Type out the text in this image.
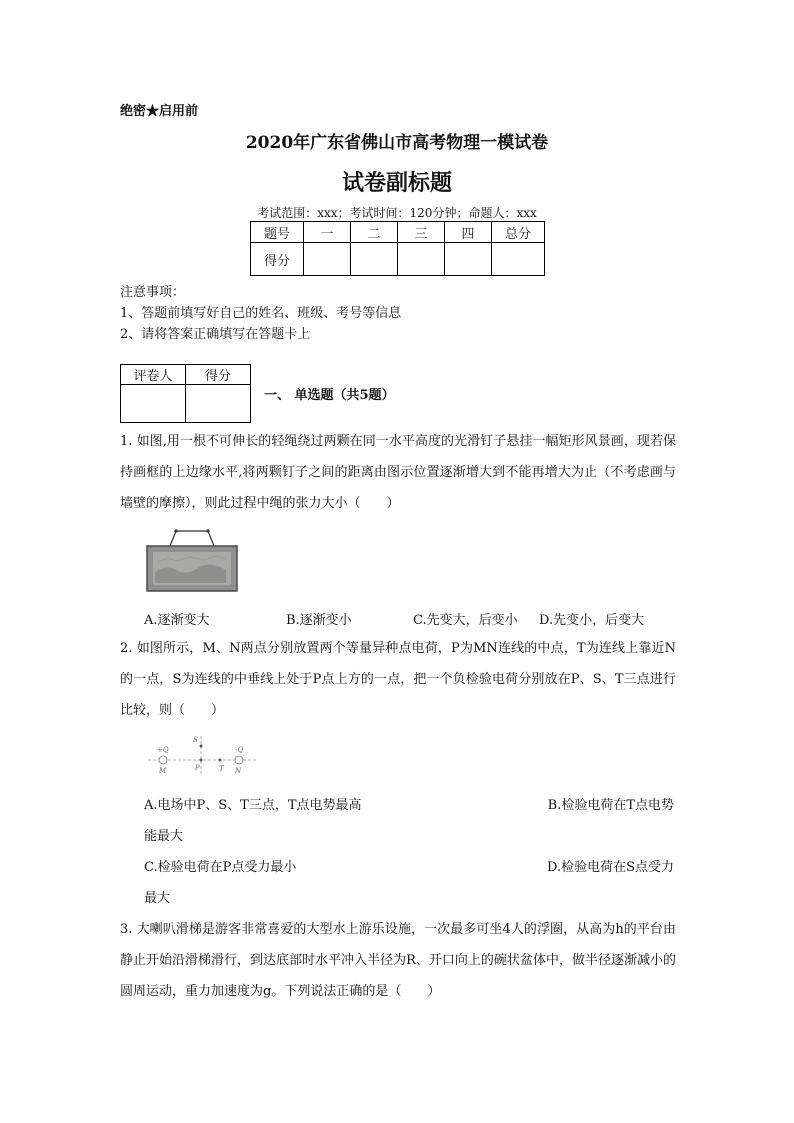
绝密★启用前
2020年广东省佛山市高考物理一模试卷
试卷副标题
考试范围：xxx；考试时间：120分钟；命题人：xxx
题号	一	二	三	四	总分
得分					
注意事项：
1、答题前填写好自己的姓名、班级、考号等信息
2、请将答案正确填写在答题卡上
评卷人	得分

一、 单选题（共5题）
1. 如图,用一根不可伸长的轻绳绕过两颗在同一水平高度的光滑钉子悬挂一幅矩形风景画，现若保持画框的上边缘水平,将两颗钉子之间的距离由图示位置逐渐增大到不能再增大为止（不考虑画与墙壁的摩擦），则此过程中绳的张力大小（　　）
A.逐渐变大	B.逐渐变小	C.先变大，后变小 D.先变小，后变大
2. 如图所示，M、N两点分别放置两个等量异种点电荷，P为MN连线的中点，T为连线上靠近N的一点，S为连线的中垂线上处于P点上方的一点，把一个负检验电荷分别放在P、S、T三点进行比较，则（　　）
+Q
M
-Q
N
S
P	T
A.电场中P、S、T三点，T点电势最高	B.检验电荷在T点电势
能最大
C.检验电荷在P点受力最小	D.检验电荷在S点受力
最大
3. 大喇叭滑梯是游客非常喜爱的大型水上游乐设施，一次最多可坐4人的浮圈，从高为h的平台由静止开始沿滑梯滑行，到达底部时水平冲入半径为R、开口向上的碗状盆体中，做半径逐渐减小的圆周运动，重力加速度为g。下列说法正确的是（　　）
